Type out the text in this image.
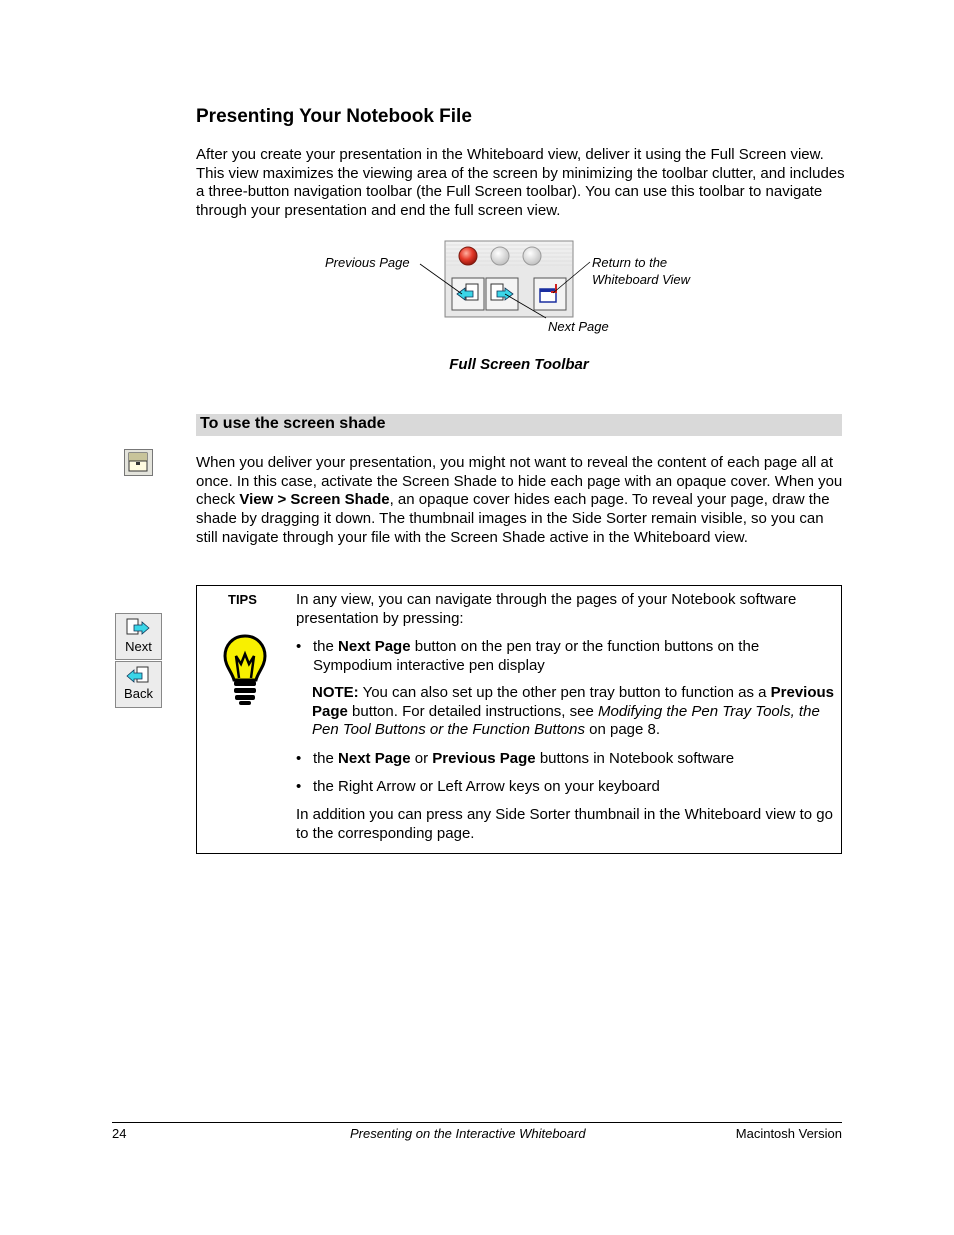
Presenting Your Notebook File
After you create your presentation in the Whiteboard view, deliver it using the Full Screen view. This view maximizes the viewing area of the screen by minimizing the toolbar clutter, and includes a three-button navigation toolbar (the Full Screen toolbar). You can use this toolbar to navigate through your presentation and end the full screen view.
Previous Page	Return to the
Whiteboard View
Next Page
Full Screen Toolbar
To use the screen shade
When you deliver your presentation, you might not want to reveal the content of each page all at once. In this case, activate the Screen Shade to hide each page with an opaque cover. When you check View > Screen Shade, an opaque cover hides each page. To reveal your page, draw the shade by dragging it down. The thumbnail images in the Side Sorter remain visible, so you can still navigate through your file with the Screen Shade active in the Whiteboard view.
Next
Back
TIPS	In any view, you can navigate through the pages of your Notebook software presentation by pressing:
• the Next Page button on the pen tray or the function buttons on the Sympodium interactive pen display
NOTE: You can also set up the other pen tray button to function as a Previous Page button. For detailed instructions, see Modifying the Pen Tray Tools, the Pen Tool Buttons or the Function Buttons on page 8.
• the Next Page or Previous Page buttons in Notebook software
• the Right Arrow or Left Arrow keys on your keyboard
In addition you can press any Side Sorter thumbnail in the Whiteboard view to go to the corresponding page.
24	Presenting on the Interactive Whiteboard	Macintosh Version
